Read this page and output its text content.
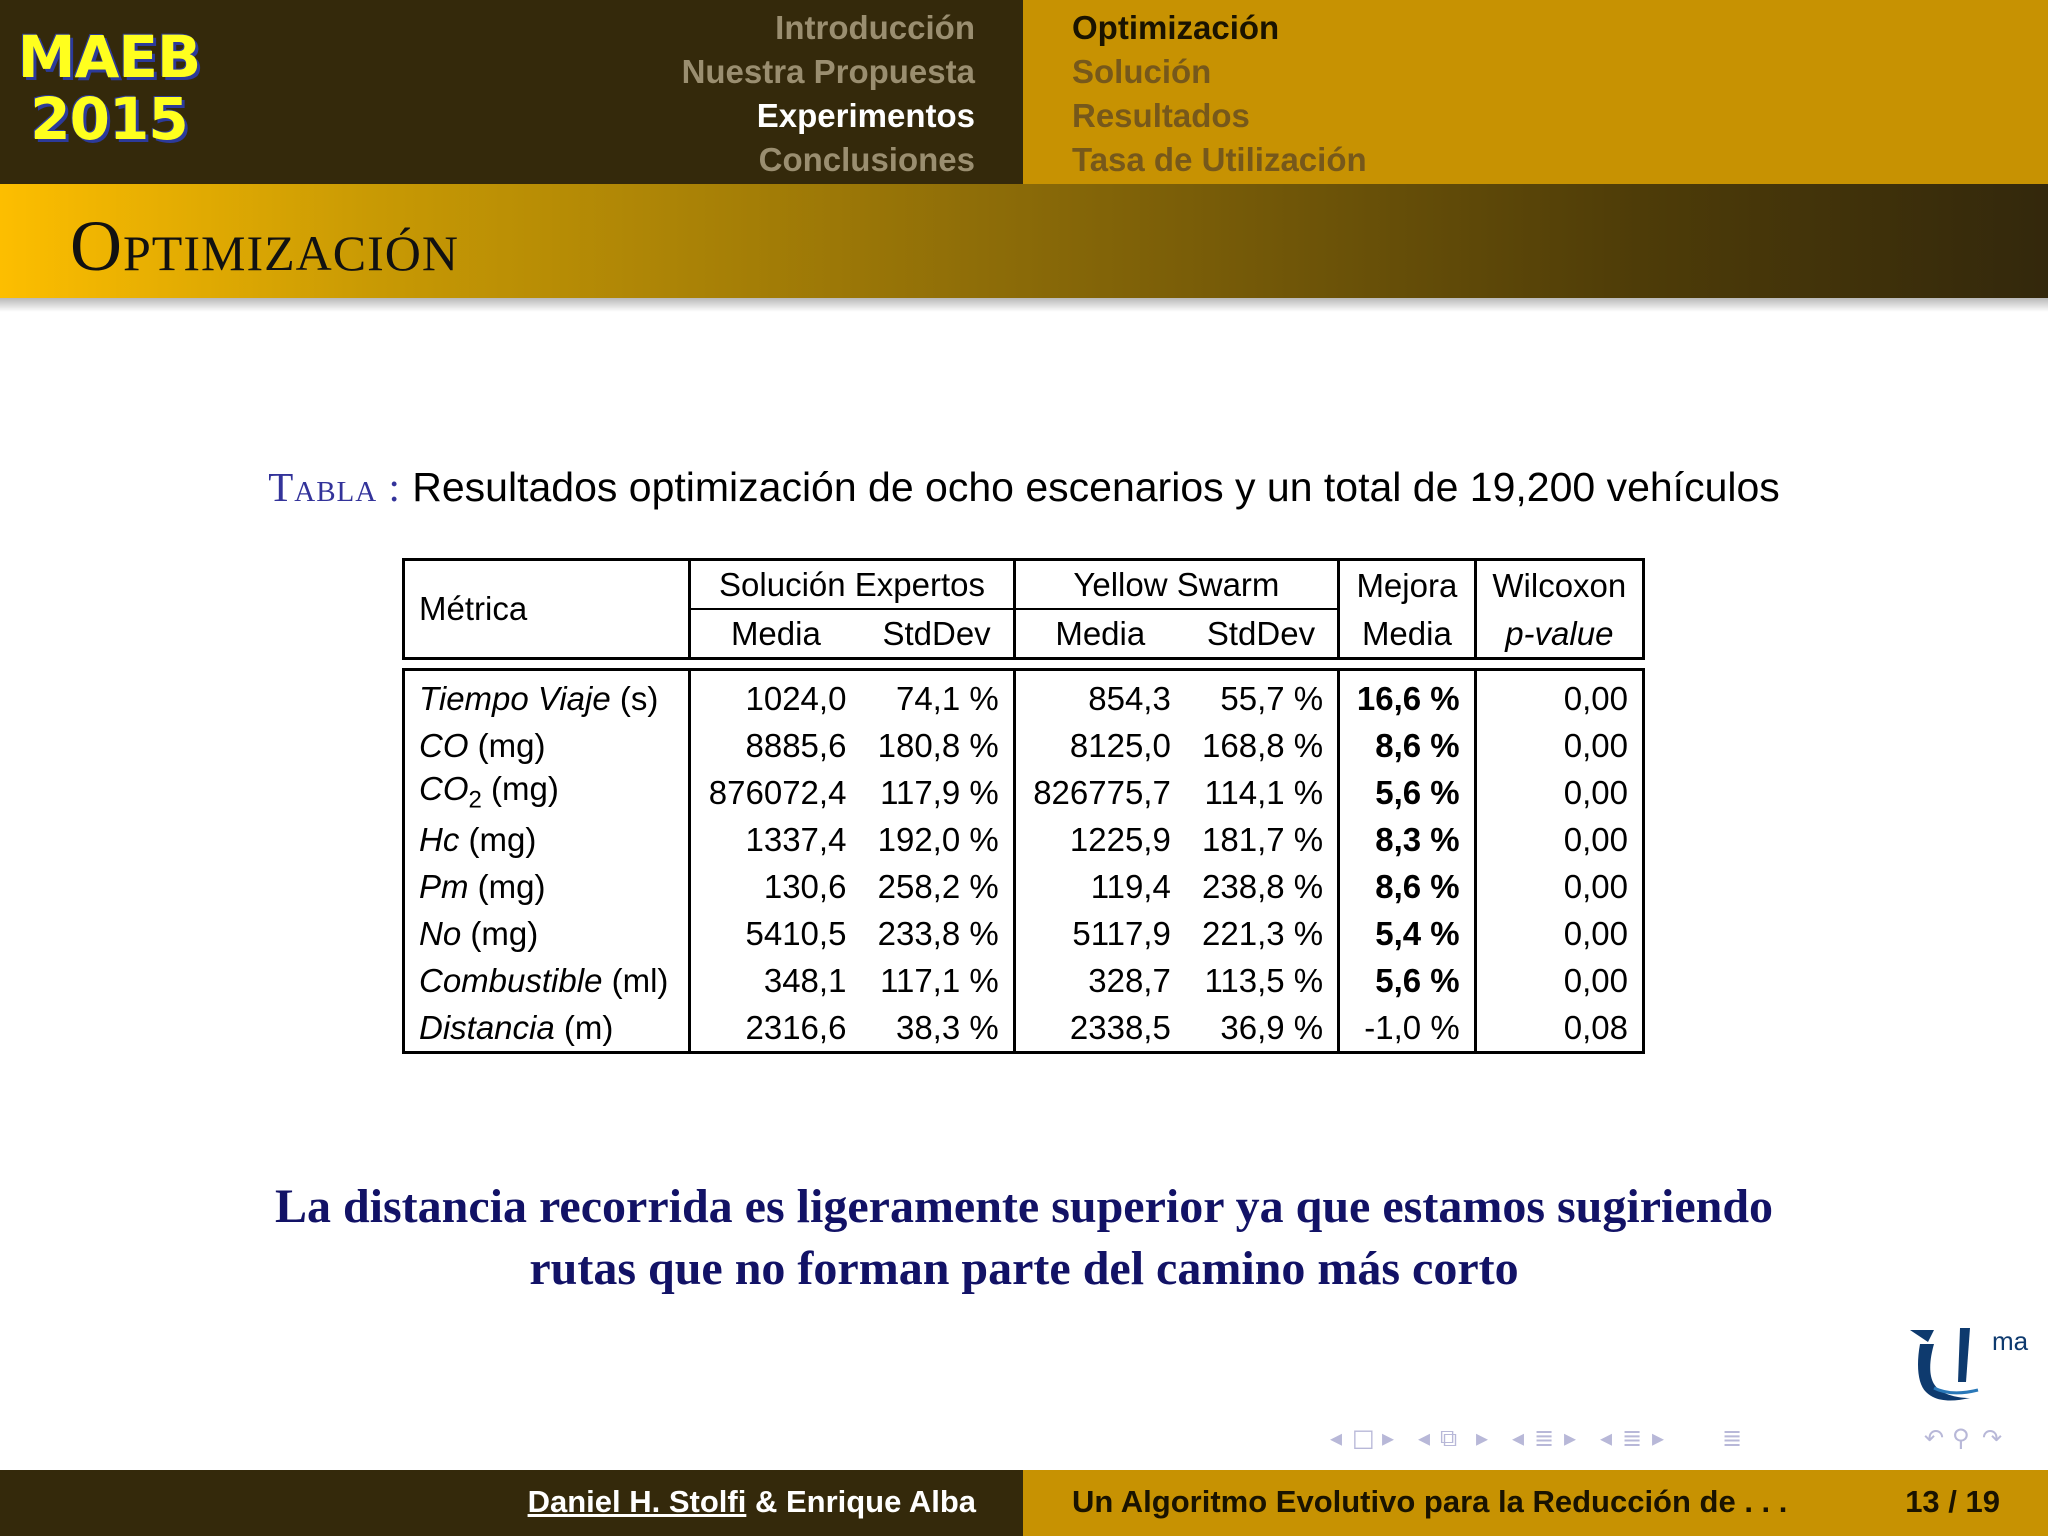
MAEB
2015
Introducción
Nuestra Propuesta
Experimentos
Conclusiones
Optimización
Solución
Resultados
Tasa de Utilización
Optimización
Tabla : Resultados optimización de ocho escenarios y un total de 19,200 vehículos
Métrica	Solución Expertos		Yellow Swarm		Mejora	Wilcoxon
	Media	StdDev	Media	StdDev	Media	p-value

Tiempo Viaje (s)	1024,0	74,1 %	854,3	55,7 %	16,6 %	0,00
CO (mg)	8885,6	180,8 %	8125,0	168,8 %	8,6 %	0,00
$CO_2$ (mg)	876072,4	117,9 %	826775,7	114,1 %	5,6 %	0,00
Hc (mg)	1337,4	192,0 %	1225,9	181,7 %	8,3 %	0,00
Pm (mg)	130,6	258,2 %	119,4	238,8 %	8,6 %	0,00
No (mg)	5410,5	233,8 %	5117,9	221,3 %	5,4 %	0,00
Combustible (ml)	348,1	117,1 %	328,7	113,5 %	5,6 %	0,00
Distancia (m)	2316,6	38,3 %	2338,5	36,9 %	-1,0 %	0,08
La distancia recorrida es ligeramente superior ya que estamos sugiriendo
rutas que no forman parte del camino más corto
ma
◂ □ ▸ ◂ ⧉ ▸ ◂ ≣ ▸ ◂ ≣ ▸ ≣	↶ ⚲ ↷
Daniel H. Stolfi & Enrique Alba	Un Algoritmo Evolutivo para la Reducción de . . .	13 / 19
